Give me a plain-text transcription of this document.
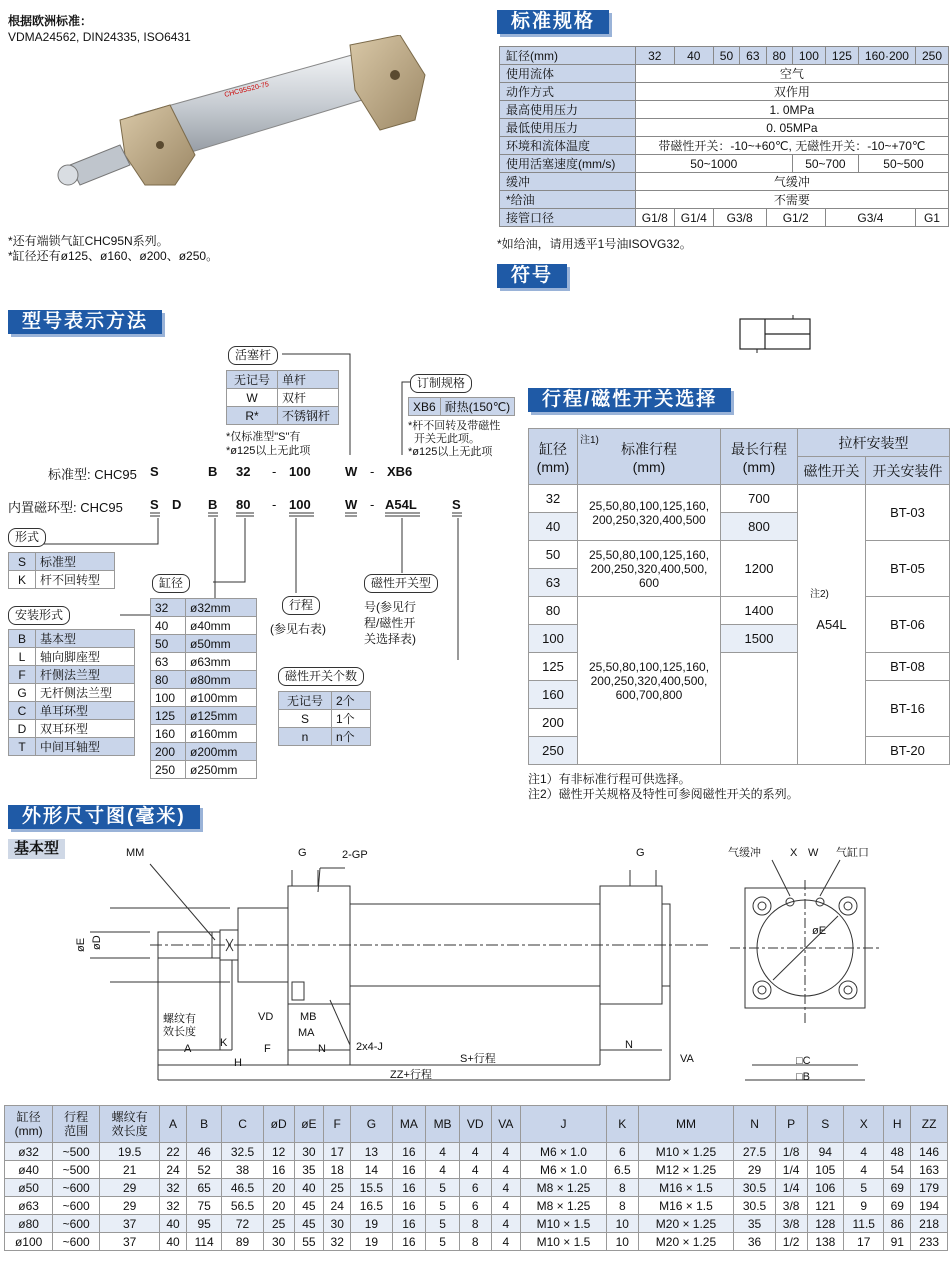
根据欧洲标准：
VDMA24562, DIN24335, ISO6431
CHC95S20-75
*还有端锁气缸CHC95N系列。
*缸径还有ø125、ø160、ø200、ø250。
标准规格
缸径(mm)	32	40	50	63	80	100	125	160·200	250
使用流体	空气								
动作方式	双作用								
最高使用压力	1. 0MPa								
最低使用压力	0. 05MPa								
环境和流体温度	带磁性开关：-10~+60℃, 无磁性开关：-10~+70℃								
使用活塞速度(mm/s)	50~1000					50~700		50~500	
缓冲	气缓冲								
*给油	不需要								
接管口径	G1/8	G1/4	G3/8		G1/2		G3/4		G1
*如给油，请用透平1号油ISOVG32。
符号
型号表示方法
活塞杆
无记号	单杆
W	双杆
R*	不锈钢杆
*仅标准型"S"有
*ø125以上无此项
订制规格
XB6	耐热(150℃)
*杆不回转及带磁性
开关无此项。
*ø125以上无此项
标准型: CHC95 S	B 32 - 100	W - XB6
内置磁环型: CHC95 S D B 80 - 100	W - A54L	S
形式
S	标准型
K	杆不回转型
安装形式
B	基本型
L	轴向脚座型
F	杆侧法兰型
G	无杆侧法兰型
C	单耳环型
D	双耳环型
T	中间耳轴型
缸径
32	ø32mm
40	ø40mm
50	ø50mm
63	ø63mm
80	ø80mm
100	ø100mm
125	ø125mm
160	ø160mm
200	ø200mm
250	ø250mm
行程
(参见右表)
磁性开关型
号(参见行
程/磁性开
关选择表)
磁性开关个数
无记号	2个
S	1个
n	n个
行程/磁性开关选择
缸径
(mm)	注1) 标准行程
(mm)	最长行程
(mm)	拉杆安装型	
			磁性开关	开关安装件
32	25,50,80,100,125,160,
200,250,320,400,500	700	注2)
A54L	BT-03
40		800		
50	25,50,80,100,125,160,
200,250,320,400,500,
600	1200		BT-05
63				
80	25,50,80,100,125,160,
200,250,320,400,500,
600,700,800	1400		BT-06
100		1500		
125				BT-08
160				BT-16
200				
250				BT-20
注1）有非标准行程可供选择。
注2）磁性开关规格及特性可参阅磁性开关的系列。
外形尺寸图(毫米)
基本型	MM	G	2-GP	G
øD
øE
螺纹有效长度
VD MB
MA
2x4-J
A	K
H
F	N
S+行程
N
VA
ZZ+行程
气缓冲	X W 气缸口
øE
□C
□B
缸径
(mm)	行程
范围	螺纹有
效长度	A	B	C	øD	øE	F	G	MA	MB	VD	VA	J	K	MM	N	P	S	X	H	ZZ
ø32	~500	19.5	22	46	32.5	12	30	17	13	16	4	4	4	M6 × 1.0	6	M10 × 1.25	27.5	1/8	94	4	48	146
ø40	~500	21	24	52	38	16	35	18	14	16	4	4	4	M6 × 1.0	6.5	M12 × 1.25	29	1/4	105	4	54	163
ø50	~600	29	32	65	46.5	20	40	25	15.5	16	5	6	4	M8 × 1.25	8	M16 × 1.5	30.5	1/4	106	5	69	179
ø63	~600	29	32	75	56.5	20	45	24	16.5	16	5	6	4	M8 × 1.25	8	M16 × 1.5	30.5	3/8	121	9	69	194
ø80	~600	37	40	95	72	25	45	30	19	16	5	8	4	M10 × 1.5	10	M20 × 1.25	35	3/8	128	11.5	86	218
ø100	~600	37	40	114	89	30	55	32	19	16	5	8	4	M10 × 1.5	10	M20 × 1.25	36	1/2	138	17	91	233
